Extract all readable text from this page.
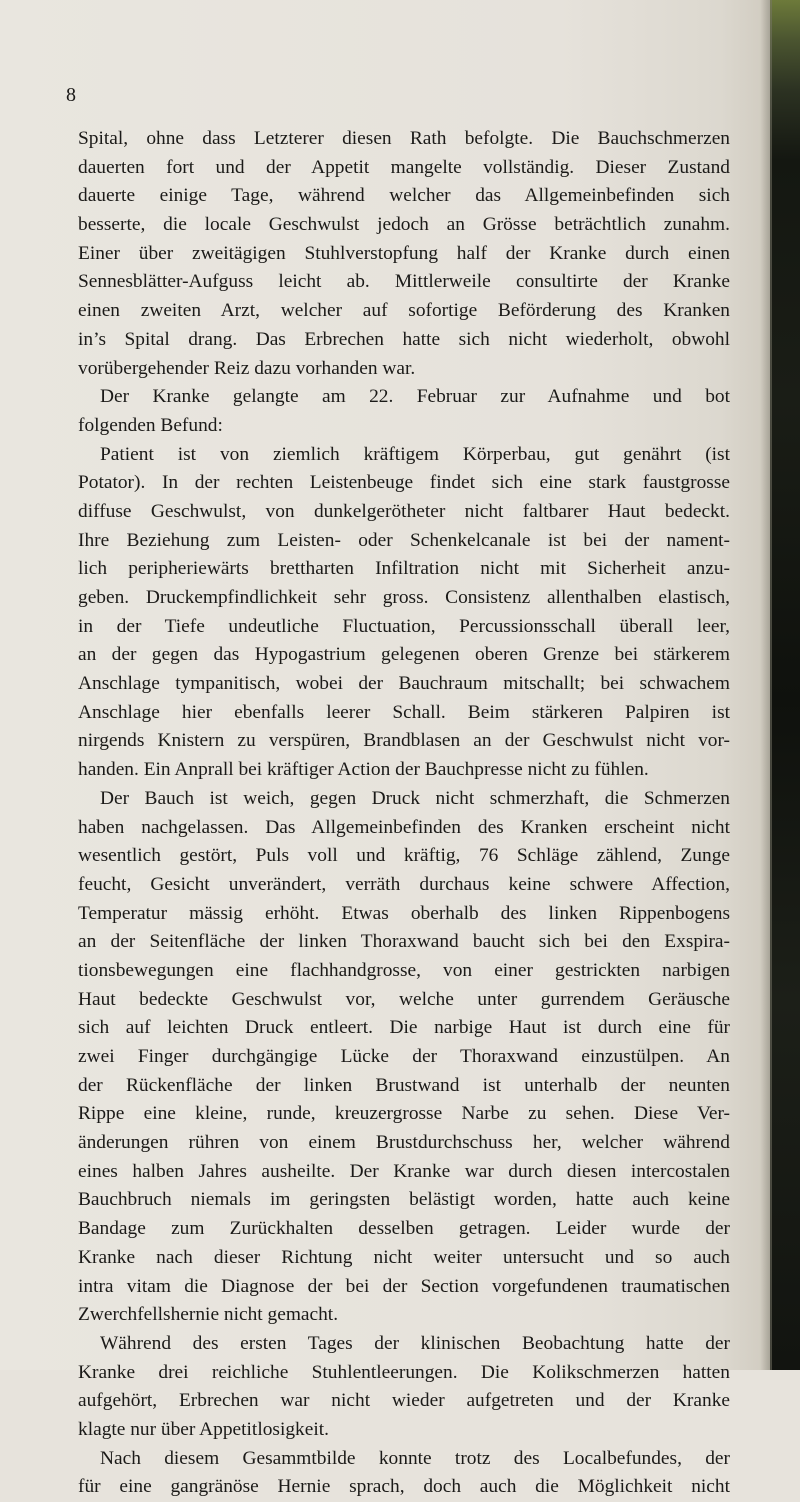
8
Spital, ohne dass Letzterer diesen Rath befolgte. Die Bauchschmerzen
dauerten fort und der Appetit mangelte vollständig. Dieser Zustand
dauerte einige Tage, während welcher das Allgemeinbefinden sich
besserte, die locale Geschwulst jedoch an Grösse beträchtlich zunahm.
Einer über zweitägigen Stuhlverstopfung half der Kranke durch einen
Sennesblätter-Aufguss leicht ab. Mittlerweile consultirte der Kranke
einen zweiten Arzt, welcher auf sofortige Beförderung des Kranken
in’s Spital drang. Das Erbrechen hatte sich nicht wiederholt, obwohl
vorübergehender Reiz dazu vorhanden war.
Der Kranke gelangte am 22. Februar zur Aufnahme und bot
folgenden Befund:
Patient ist von ziemlich kräftigem Körperbau, gut genährt (ist
Potator). In der rechten Leistenbeuge findet sich eine stark faustgrosse
diffuse Geschwulst, von dunkelgerötheter nicht faltbarer Haut bedeckt.
Ihre Beziehung zum Leisten- oder Schenkelcanale ist bei der nament-
lich peripheriewärts brettharten Infiltration nicht mit Sicherheit anzu-
geben. Druckempfindlichkeit sehr gross. Consistenz allenthalben elastisch,
in der Tiefe undeutliche Fluctuation, Percussionsschall überall leer,
an der gegen das Hypogastrium gelegenen oberen Grenze bei stärkerem
Anschlage tympanitisch, wobei der Bauchraum mitschallt; bei schwachem
Anschlage hier ebenfalls leerer Schall. Beim stärkeren Palpiren ist
nirgends Knistern zu verspüren, Brandblasen an der Geschwulst nicht vor-
handen. Ein Anprall bei kräftiger Action der Bauchpresse nicht zu fühlen.
Der Bauch ist weich, gegen Druck nicht schmerzhaft, die Schmerzen
haben nachgelassen. Das Allgemeinbefinden des Kranken erscheint nicht
wesentlich gestört, Puls voll und kräftig, 76 Schläge zählend, Zunge
feucht, Gesicht unverändert, verräth durchaus keine schwere Affection,
Temperatur mässig erhöht. Etwas oberhalb des linken Rippenbogens
an der Seitenfläche der linken Thoraxwand baucht sich bei den Exspira-
tionsbewegungen eine flachhandgrosse, von einer gestrickten narbigen
Haut bedeckte Geschwulst vor, welche unter gurrendem Geräusche
sich auf leichten Druck entleert. Die narbige Haut ist durch eine für
zwei Finger durchgängige Lücke der Thoraxwand einzustülpen. An
der Rückenfläche der linken Brustwand ist unterhalb der neunten
Rippe eine kleine, runde, kreuzergrosse Narbe zu sehen. Diese Ver-
änderungen rühren von einem Brustdurchschuss her, welcher während
eines halben Jahres ausheilte. Der Kranke war durch diesen intercostalen
Bauchbruch niemals im geringsten belästigt worden, hatte auch keine
Bandage zum Zurückhalten desselben getragen. Leider wurde der
Kranke nach dieser Richtung nicht weiter untersucht und so auch
intra vitam die Diagnose der bei der Section vorgefundenen traumatischen
Zwerchfellshernie nicht gemacht.
Während des ersten Tages der klinischen Beobachtung hatte der
Kranke drei reichliche Stuhlentleerungen. Die Kolikschmerzen hatten
aufgehört, Erbrechen war nicht wieder aufgetreten und der Kranke
klagte nur über Appetitlosigkeit.
Nach diesem Gesammtbilde konnte trotz des Localbefundes, der
für eine gangränöse Hernie sprach, doch auch die Möglichkeit nicht
